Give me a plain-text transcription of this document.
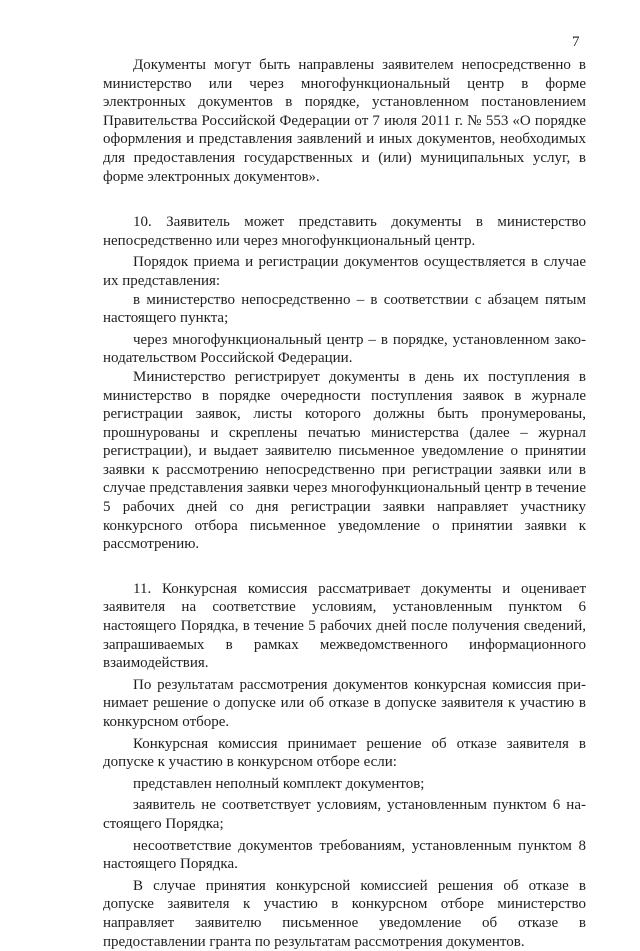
7

Документы могут быть направлены заявителем непосредственно в министерство или через многофункциональный центр в форме электронных документов в порядке, установленном постановлением Правительства Российской Федерации от 7 июля 2011 г. № 553 «О порядке оформления и представления заявлений и иных документов, необходимых для предоставления государственных и (или) муниципальных услуг, в форме электронных документов».

10. Заявитель может представить документы в министерство непосредственно или через многофункциональный центр.

Порядок приема и регистрации документов осуществляется в случае их представления:

в министерство непосредственно – в соответствии с абзацем пятым настоящего пункта;

через многофункциональный центр – в порядке, установленном законодательством Российской Федерации.

Министерство регистрирует документы в день их поступления в министерство в порядке очередности поступления заявок в журнале регистрации заявок, листы которого должны быть пронумерованы, прошнурованы и скреплены печатью министерства (далее – журнал регистрации), и выдает заявителю письменное уведомление о принятии заявки к рассмотрению непосредственно при регистрации заявки или в случае представления заявки через многофункциональный центр в течение 5 рабочих дней со дня регистрации заявки направляет участнику конкурсного отбора письменное уведомление о принятии заявки к рассмотрению.

11. Конкурсная комиссия рассматривает документы и оценивает заявителя на соответствие условиям, установленным пунктом 6 настоящего Порядка, в течение 5 рабочих дней после получения сведений, запрашиваемых в рамках межведомственного информационного взаимодействия.

По результатам рассмотрения документов конкурсная комиссия принимает решение о допуске или об отказе в допуске заявителя к участию в конкурсном отборе.

Конкурсная комиссия принимает решение об отказе заявителя в допуске к участию в конкурсном отборе если:

представлен неполный комплект документов;

заявитель не соответствует условиям, установленным пунктом 6 настоящего Порядка;

несоответствие документов требованиям, установленным пунктом 8 настоящего Порядка.

В случае принятия конкурсной комиссией решения об отказе в допуске заявителя к участию в конкурсном отборе министерство направляет заявителю письменное уведомление об отказе в предоставлении гранта по результатам рассмотрения документов.
